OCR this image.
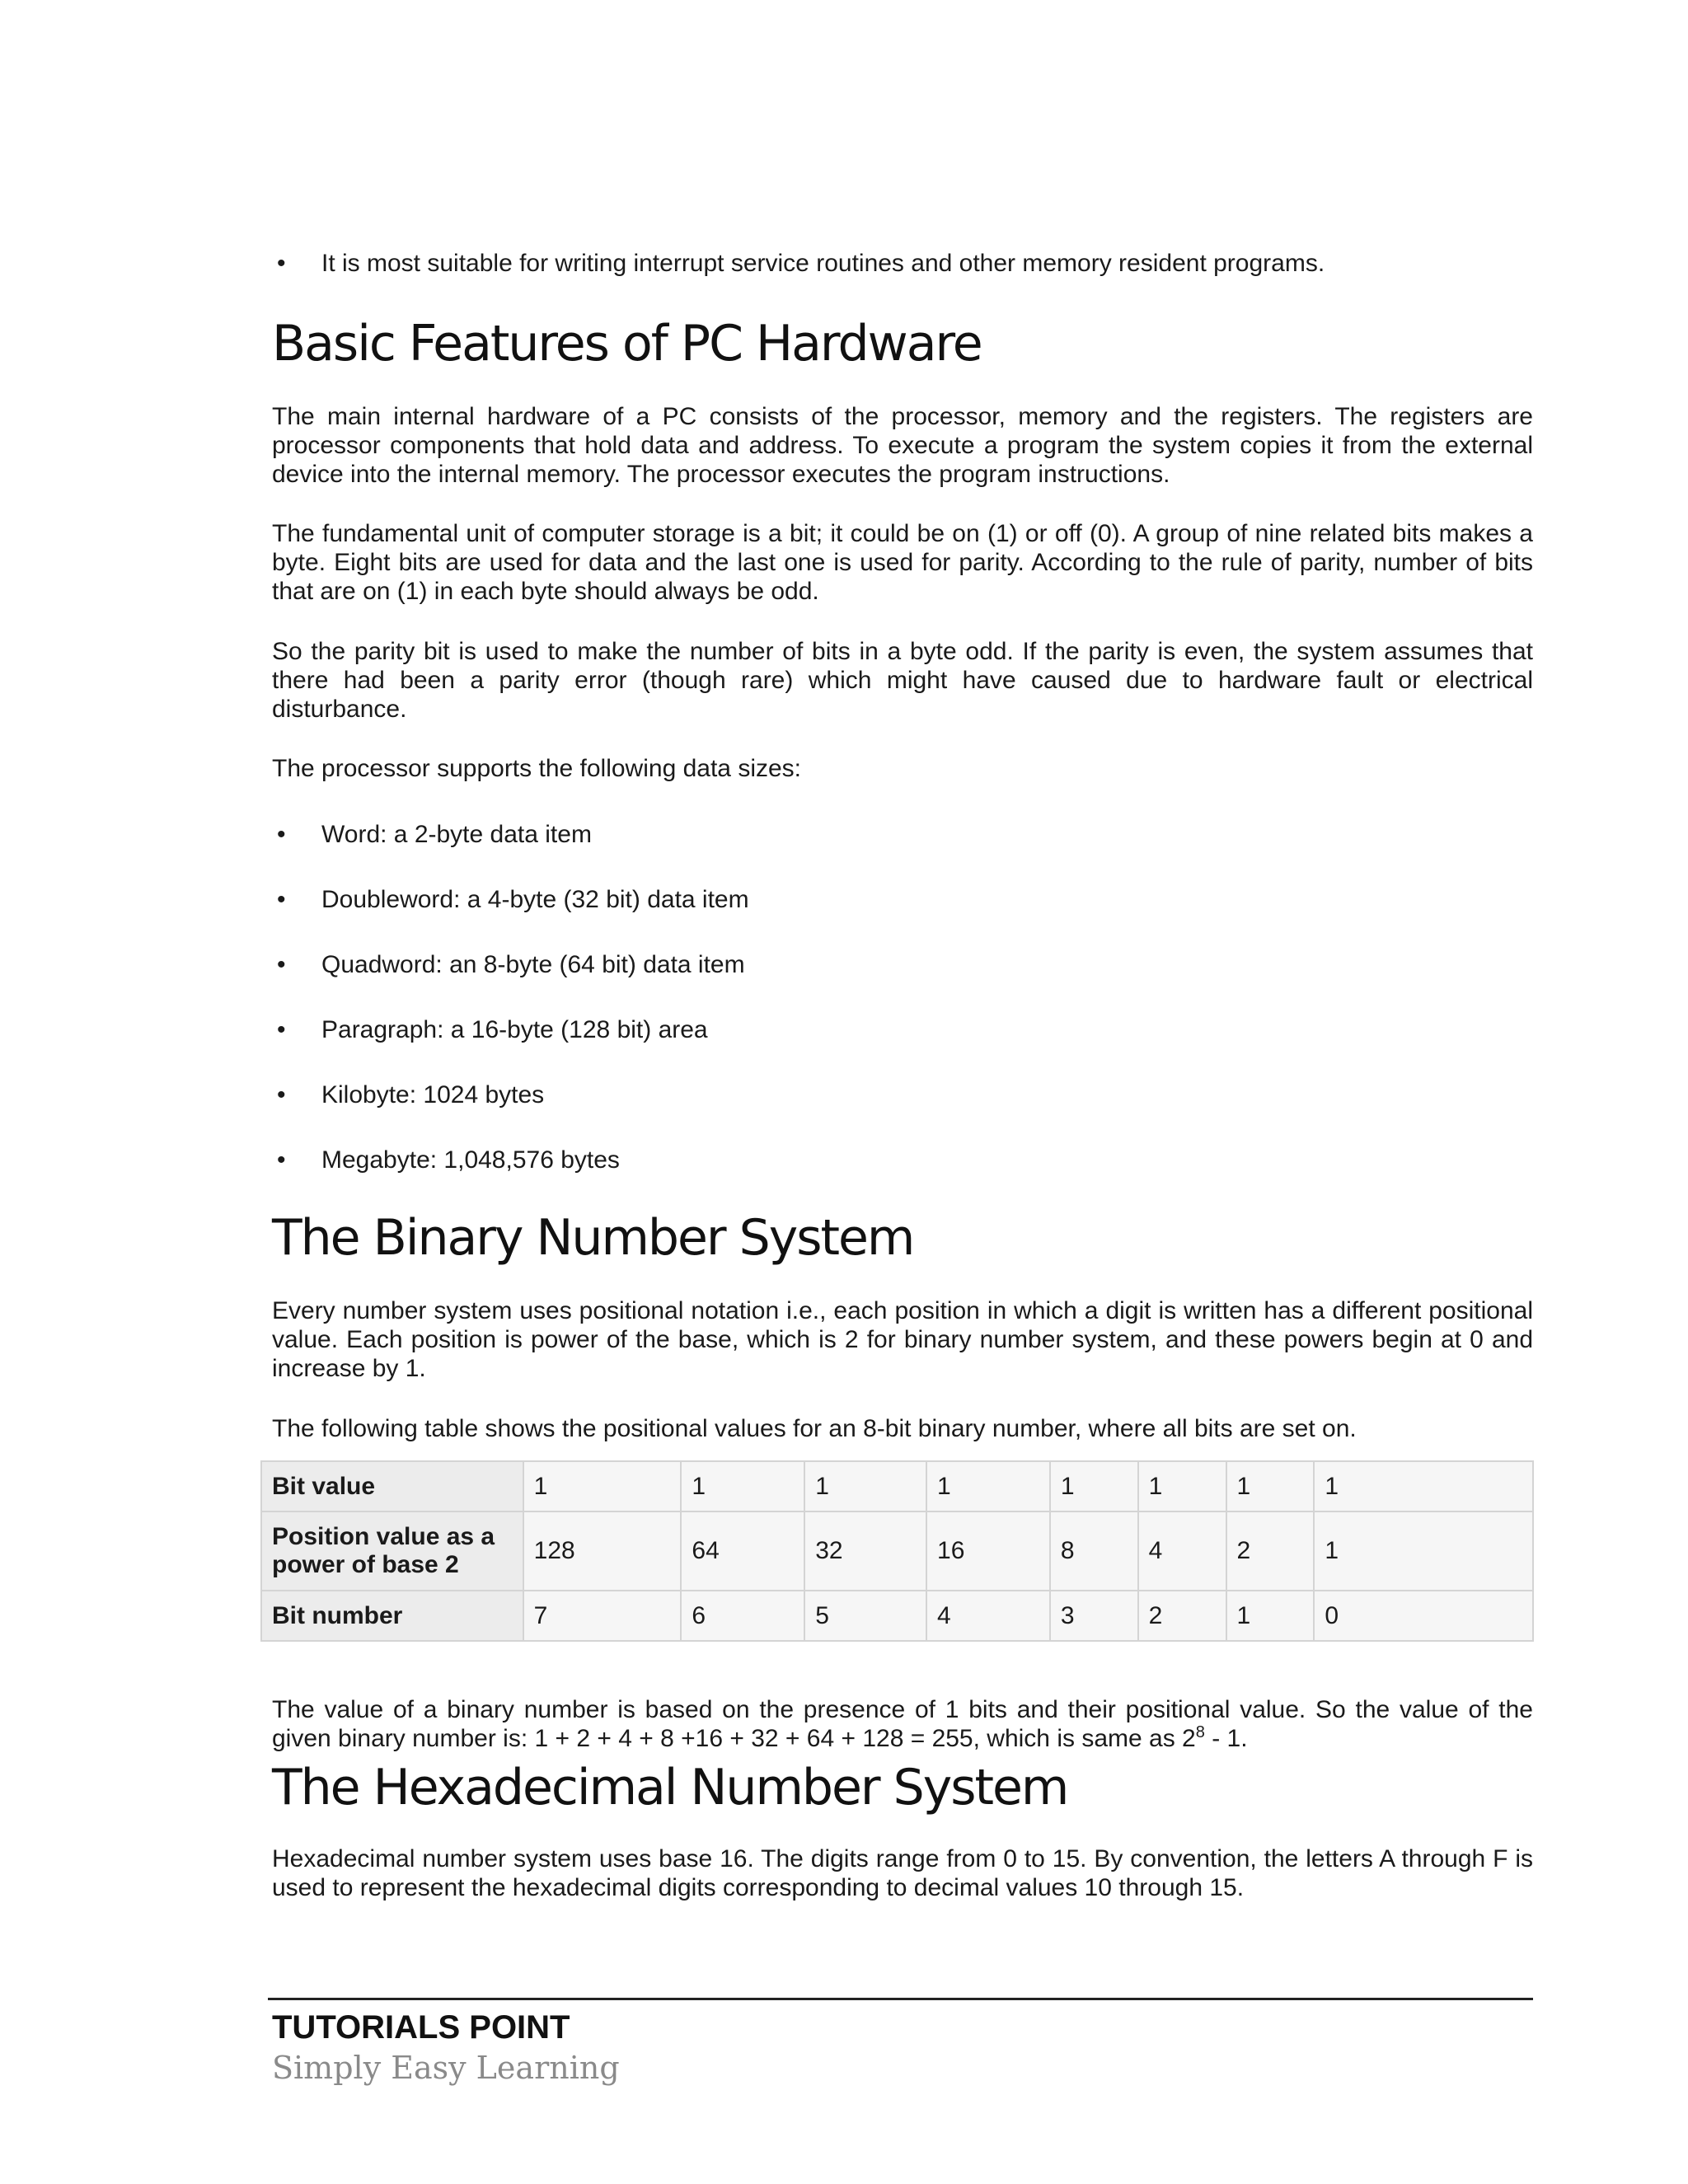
• It is most suitable for writing interrupt service routines and other memory resident programs.
Basic Features of PC Hardware

The main internal hardware of a PC consists of the processor, memory and the registers. The registers are processor components that hold data and address. To execute a program the system copies it from the external device into the internal memory. The processor executes the program instructions.

The fundamental unit of computer storage is a bit; it could be on (1) or off (0). A group of nine related bits makes a byte. Eight bits are used for data and the last one is used for parity. According to the rule of parity, number of bits that are on (1) in each byte should always be odd.

So the parity bit is used to make the number of bits in a byte odd. If the parity is even, the system assumes that there had been a parity error (though rare) which might have caused due to hardware fault or electrical disturbance.

The processor supports the following data sizes:

• Word: a 2-byte data item
• Doubleword: a 4-byte (32 bit) data item
• Quadword: an 8-byte (64 bit) data item
• Paragraph: a 16-byte (128 bit) area
• Kilobyte: 1024 bytes
• Megabyte: 1,048,576 bytes
The Binary Number System

Every number system uses positional notation i.e., each position in which a digit is written has a different positional value. Each position is power of the base, which is 2 for binary number system, and these powers begin at 0 and increase by 1.

The following table shows the positional values for an 8-bit binary number, where all bits are set on.

Bit value	1	1	1	1	1	1	1	1
Position value as a power of base 2	128	64	32	16	8	4	2	1
Bit number	7	6	5	4	3	2	1	0

The value of a binary number is based on the presence of 1 bits and their positional value. So the value of the given binary number is: 1 + 2 + 4 + 8 +16 + 32 + 64 + 128 = 255, which is same as $2^8 - 1$.

The Hexadecimal Number System

Hexadecimal number system uses base 16. The digits range from 0 to 15. By convention, the letters A through F is used to represent the hexadecimal digits corresponding to decimal values 10 through 15.

TUTORIALS POINT
Simply Easy Learning
